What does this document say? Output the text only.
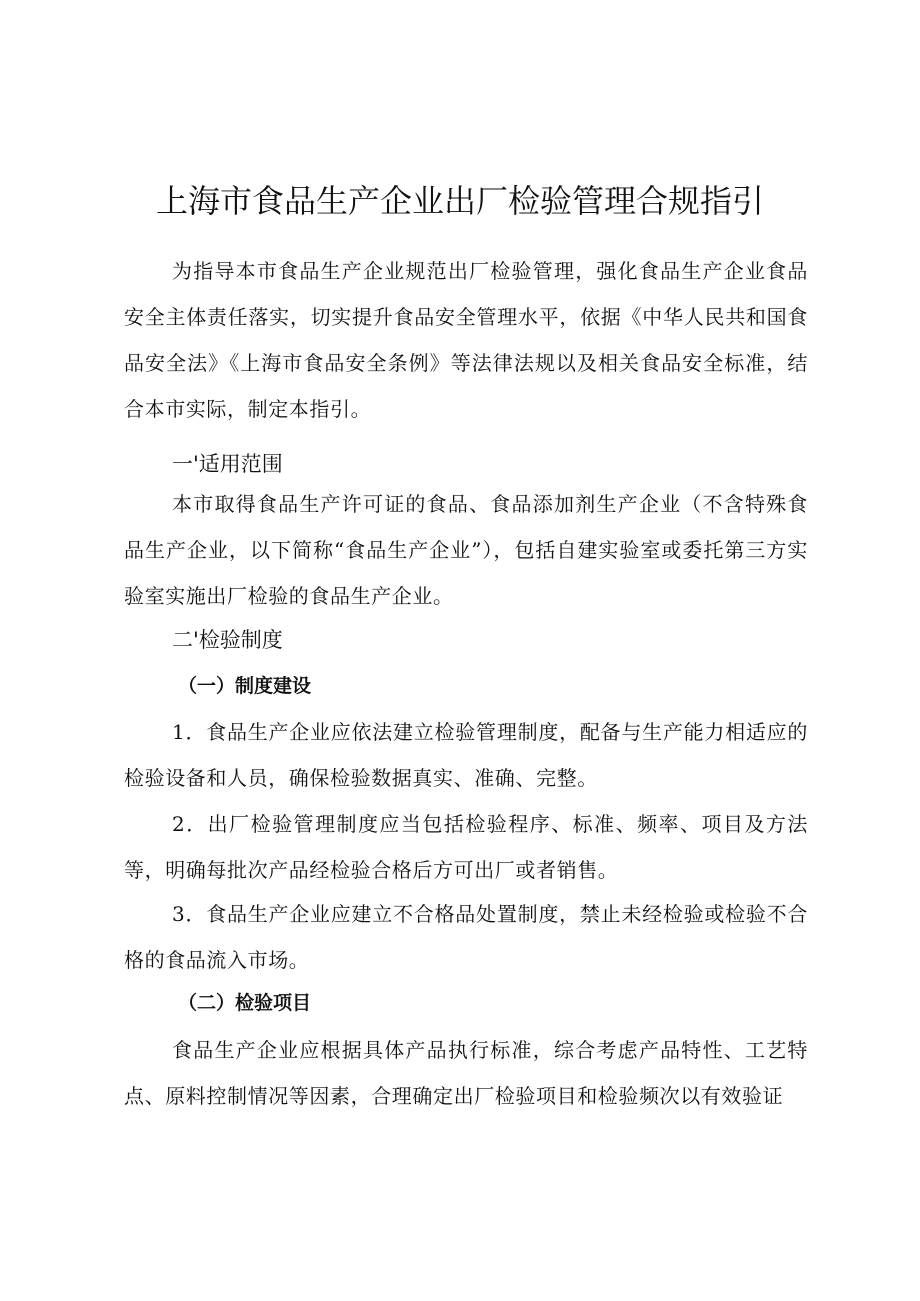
上海市食品生产企业出厂检验管理合规指引

为指导本市食品生产企业规范出厂检验管理，强化食品生产企业食品安全主体责任落实，切实提升食品安全管理水平，依据《中华人民共和国食品安全法》《上海市食品安全条例》等法律法规以及相关食品安全标准，结合本市实际，制定本指引。

一'适用范围

本市取得食品生产许可证的食品、食品添加剂生产企业（不含特殊食品生产企业，以下简称“食品生产企业”），包括自建实验室或委托第三方实验室实施出厂检验的食品生产企业。

二'检验制度
（一）制度建设

1．食品生产企业应依法建立检验管理制度，配备与生产能力相适应的检验设备和人员，确保检验数据真实、准确、完整。

2．出厂检验管理制度应当包括检验程序、标准、频率、项目及方法等，明确每批次产品经检验合格后方可出厂或者销售。

3．食品生产企业应建立不合格品处置制度，禁止未经检验或检验不合格的食品流入市场。

（二）检验项目

食品生产企业应根据具体产品执行标准，综合考虑产品特性、工艺特点、原料控制情况等因素，合理确定出厂检验项目和检验频次以有效验证
